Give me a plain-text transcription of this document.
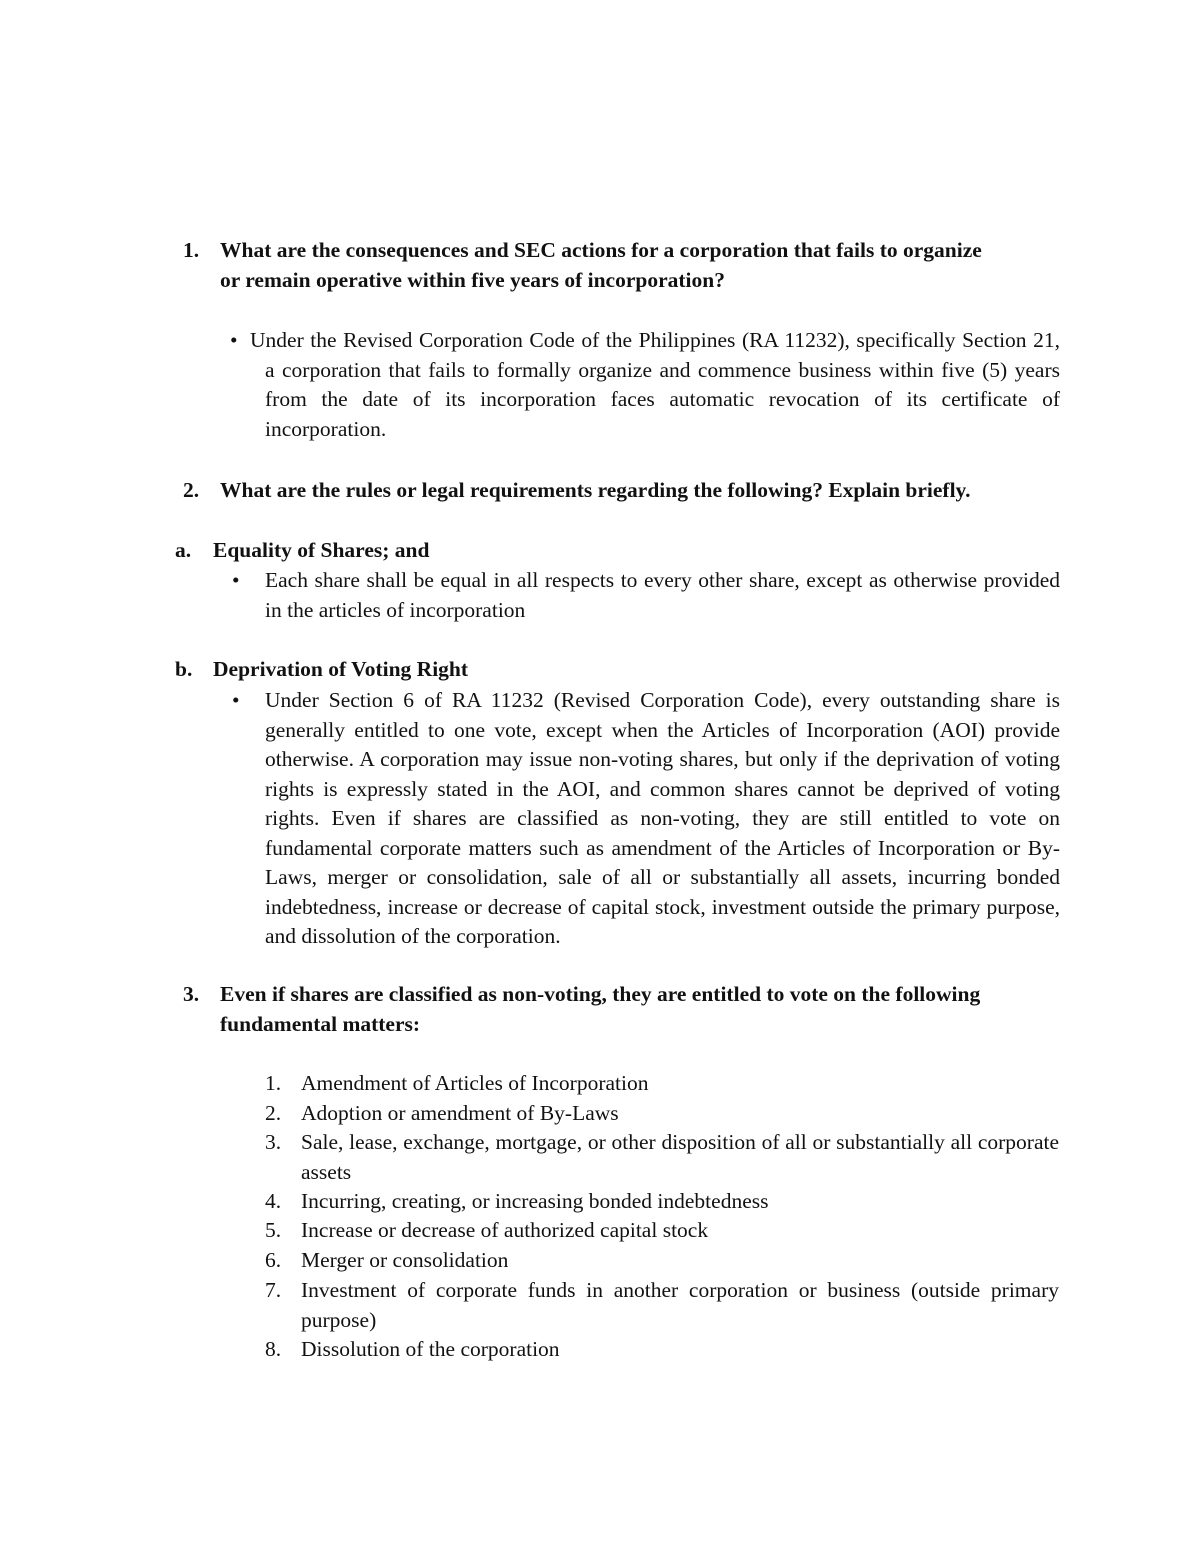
1. What are the consequences and SEC actions for a corporation that fails to organize
or remain operative within five years of incorporation?
• Under the Revised Corporation Code of the Philippines (RA 11232), specifically Section 21, a corporation that fails to formally organize and commence business within five (5) years from the date of its incorporation faces automatic revocation of its certificate of incorporation.
2. What are the rules or legal requirements regarding the following? Explain briefly.
a. Equality of Shares; and
• Each share shall be equal in all respects to every other share, except as otherwise provided in the articles of incorporation
b. Deprivation of Voting Right
• Under Section 6 of RA 11232 (Revised Corporation Code), every outstanding share is generally entitled to one vote, except when the Articles of Incorporation (AOI) provide otherwise. A corporation may issue non-voting shares, but only if the deprivation of voting rights is expressly stated in the AOI, and common shares cannot be deprived of voting rights. Even if shares are classified as non-voting, they are still entitled to vote on fundamental corporate matters such as amendment of the Articles of Incorporation or By-Laws, merger or consolidation, sale of all or substantially all assets, incurring bonded indebtedness, increase or decrease of capital stock, investment outside the primary purpose, and dissolution of the corporation.
3. Even if shares are classified as non-voting, they are entitled to vote on the following
fundamental matters:
1. Amendment of Articles of Incorporation
2. Adoption or amendment of By-Laws
3. Sale, lease, exchange, mortgage, or other disposition of all or substantially all corporate assets
4. Incurring, creating, or increasing bonded indebtedness
5. Increase or decrease of authorized capital stock
6. Merger or consolidation
7. Investment of corporate funds in another corporation or business (outside primary purpose)
8. Dissolution of the corporation
